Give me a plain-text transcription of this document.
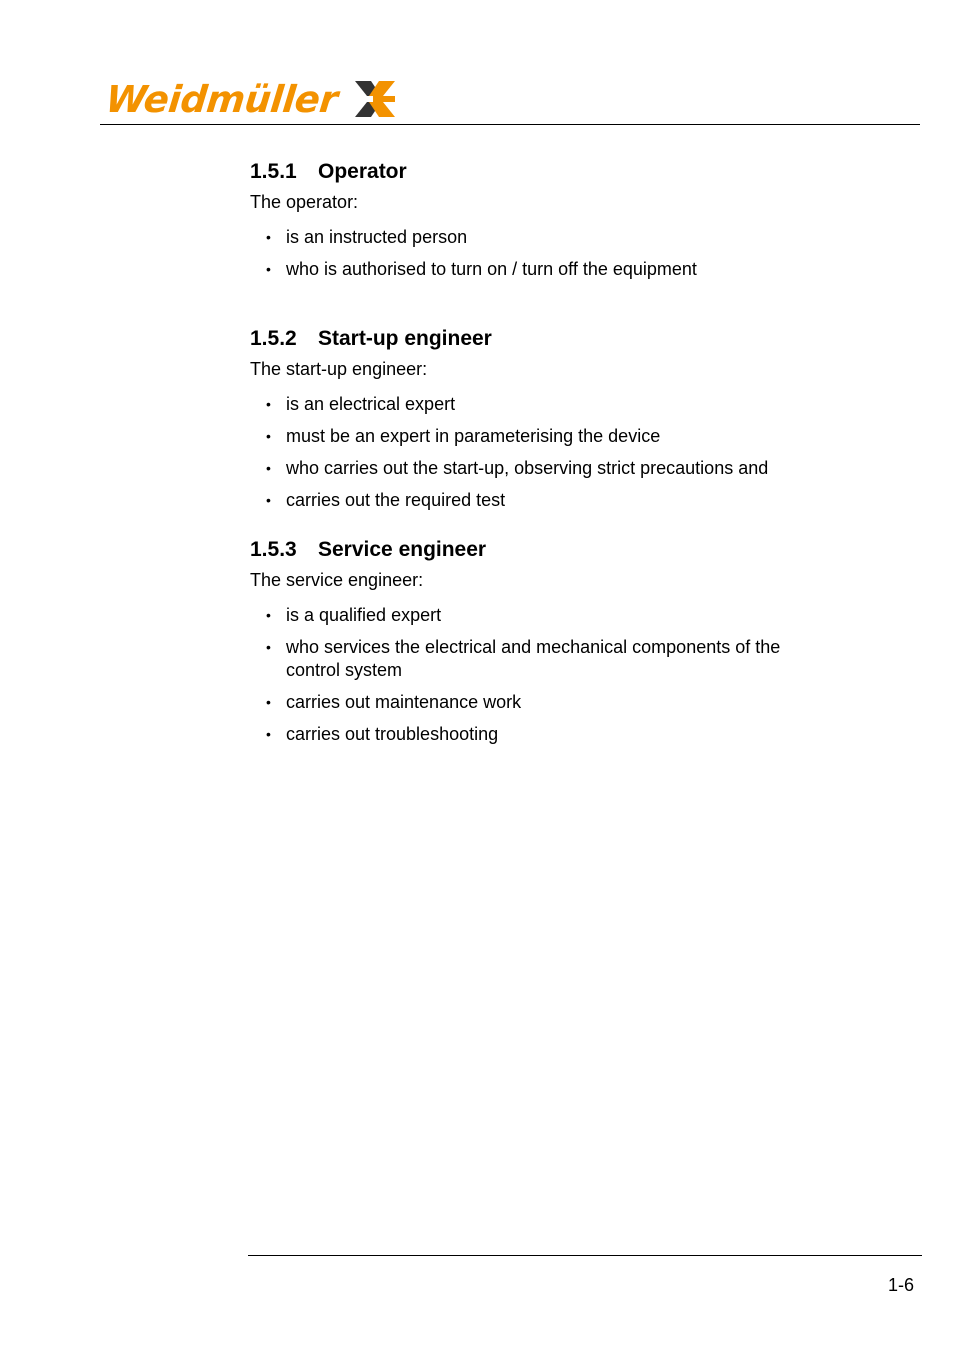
Weidmüller
1.5.1	Operator

The operator:

• is an instructed person
• who is authorised to turn on / turn off the equipment
1.5.2	Start-up engineer

The start-up engineer:

• is an electrical expert
• must be an expert in parameterising the device
• who carries out the start-up, observing strict precautions and
• carries out the required test
1.5.3	Service engineer

The service engineer:

• is a qualified expert
• who services the electrical and mechanical components of the control system
• carries out maintenance work
• carries out troubleshooting
1-6
